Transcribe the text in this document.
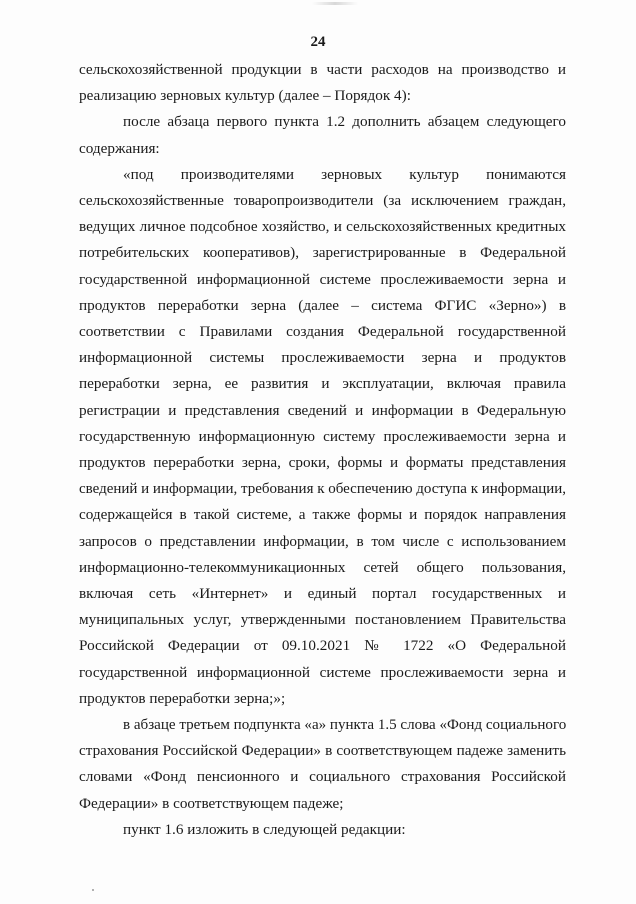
24
сельскохозяйственной продукции в части расходов на производство и
реализацию зерновых культур (далее – Порядок 4):
после абзаца первого пункта 1.2 дополнить абзацем следующего
содержания:
«под производителями зерновых культур понимаются
сельскохозяйственные товаропроизводители (за исключением граждан,
ведущих личное подсобное хозяйство, и сельскохозяйственных кредитных
потребительских кооперативов), зарегистрированные в Федеральной
государственной информационной системе прослеживаемости зерна и
продуктов переработки зерна (далее – система ФГИС «Зерно») в
соответствии с Правилами создания Федеральной государственной
информационной системы прослеживаемости зерна и продуктов
переработки зерна, ее развития и эксплуатации, включая правила
регистрации и представления сведений и информации в Федеральную
государственную информационную систему прослеживаемости зерна и
продуктов переработки зерна, сроки, формы и форматы представления
сведений и информации, требования к обеспечению доступа к информации,
содержащейся в такой системе, а также формы и порядок направления
запросов о представлении информации, в том числе с использованием
информационно-телекоммуникационных сетей общего пользования,
включая сеть «Интернет» и единый портал государственных и
муниципальных услуг, утвержденными постановлением Правительства
Российской Федерации от 09.10.2021 № 1722 «О Федеральной
государственной информационной системе прослеживаемости зерна и
продуктов переработки зерна;»;
в абзаце третьем подпункта «а» пункта 1.5 слова «Фонд социального
страхования Российской Федерации» в соответствующем падеже заменить
словами «Фонд пенсионного и социального страхования Российской
Федерации» в соответствующем падеже;
пункт 1.6 изложить в следующей редакции:
